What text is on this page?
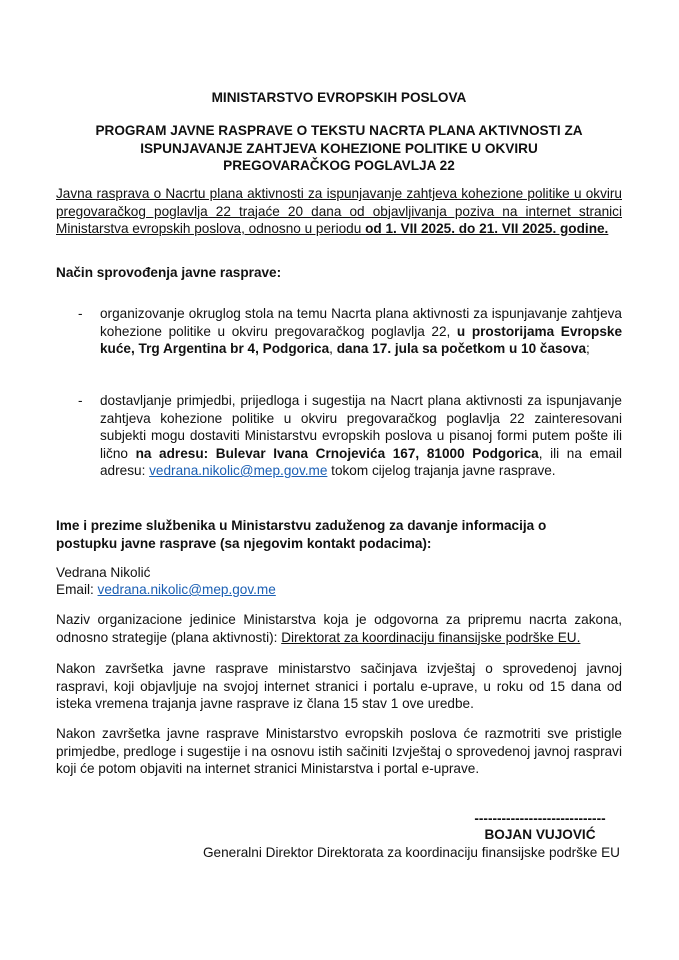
MINISTARSTVO EVROPSKIH POSLOVA
PROGRAM JAVNE RASPRAVE O TEKSTU NACRTA PLANA AKTIVNOSTI ZA
ISPUNJAVANJE ZAHTJEVA KOHEZIONE POLITIKE U OKVIRU
PREGOVARAČKOG POGLAVLJA 22
Javna rasprava o Nacrtu plana aktivnosti za ispunjavanje zahtjeva kohezione politike u okviru pregovaračkog poglavlja 22 trajaće 20 dana od objavljivanja poziva na internet stranici Ministarstva evropskih poslova, odnosno u periodu od 1. VII 2025. do 21. VII 2025. godine.
Način sprovođenja javne rasprave:
- organizovanje okruglog stola na temu Nacrta plana aktivnosti za ispunjavanje zahtjeva kohezione politike u okviru pregovaračkog poglavlja 22, u prostorijama Evropske kuće, Trg Argentina br 4, Podgorica, dana 17. jula sa početkom u 10 časova;
- dostavljanje primjedbi, prijedloga i sugestija na Nacrt plana aktivnosti za ispunjavanje zahtjeva kohezione politike u okviru pregovaračkog poglavlja 22 zainteresovani subjekti mogu dostaviti Ministarstvu evropskih poslova u pisanoj formi putem pošte ili lično na adresu: Bulevar Ivana Crnojevića 167, 81000 Podgorica, ili na email adresu: vedrana.nikolic@mep.gov.me tokom cijelog trajanja javne rasprave.
Ime i prezime službenika u Ministarstvu zaduženog za davanje informacija o postupku javne rasprave (sa njegovim kontakt podacima):
Vedrana Nikolić
Email: vedrana.nikolic@mep.gov.me
Naziv organizacione jedinice Ministarstva koja je odgovorna za pripremu nacrta zakona, odnosno strategije (plana aktivnosti): Direktorat za koordinaciju finansijske podrške EU.
Nakon završetka javne rasprave ministarstvo sačinjava izvještaj o sprovedenoj javnoj raspravi, koji objavljuje na svojoj internet stranici i portalu e-uprave, u roku od 15 dana od isteka vremena trajanja javne rasprave iz člana 15 stav 1 ove uredbe.
Nakon završetka javne rasprave Ministarstvo evropskih poslova će razmotriti sve pristigle primjedbe, predloge i sugestije i na osnovu istih sačiniti Izvještaj o sprovedenoj javnoj raspravi koji će potom objaviti na internet stranici Ministarstva i portal e-uprave.
-----------------------------
BOJAN VUJOVIĆ
Generalni Direktor Direktorata za koordinaciju finansijske podrške EU
